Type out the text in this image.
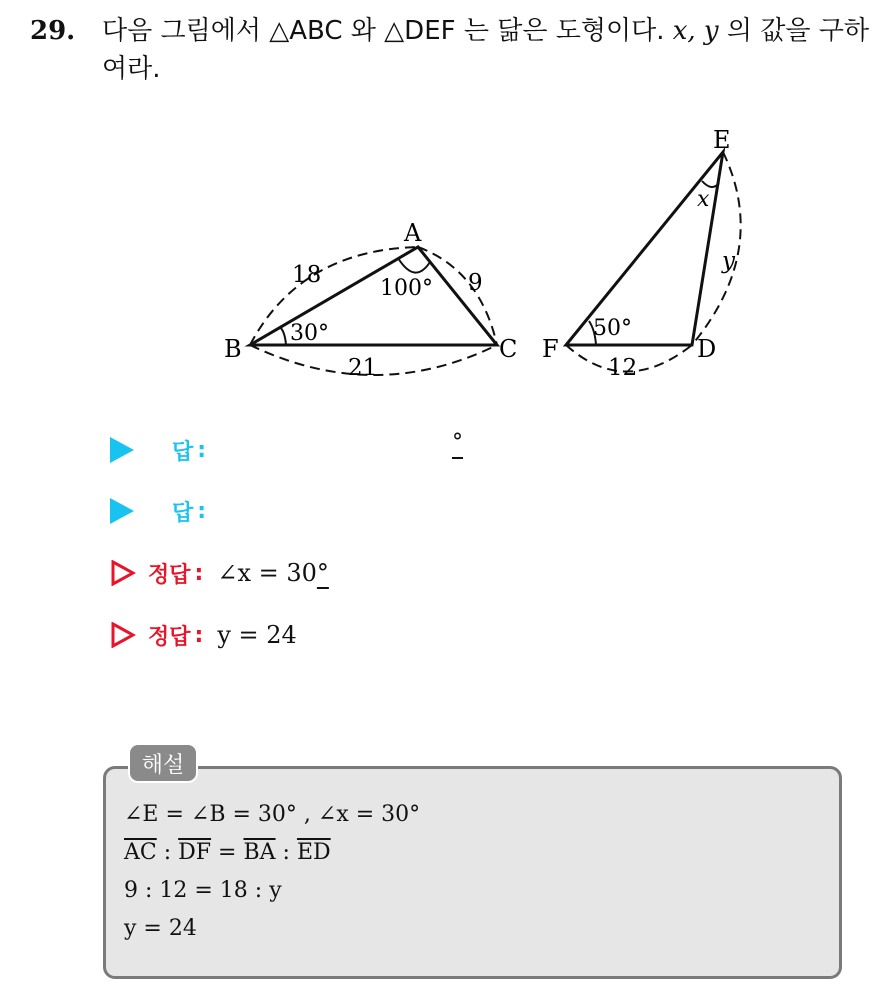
29. 다음 그림에서 △ABC 와 △DEF 는 닮은 도형이다. x, y 의 값을 구하
여라.
A
B	C
18	9
21
100°
30°
E
F	D
12
y
x
50°
답 :	°
답 :
정답 : ∠x = 30°
정답 : y = 24
해설
∠E = ∠B = 30° , ∠x = 30°
$\overline{AC}$ : $\overline{DF} = \overline{BA}$ : $\overline{ED}$
9 : 12 = 18 : y
y = 24
